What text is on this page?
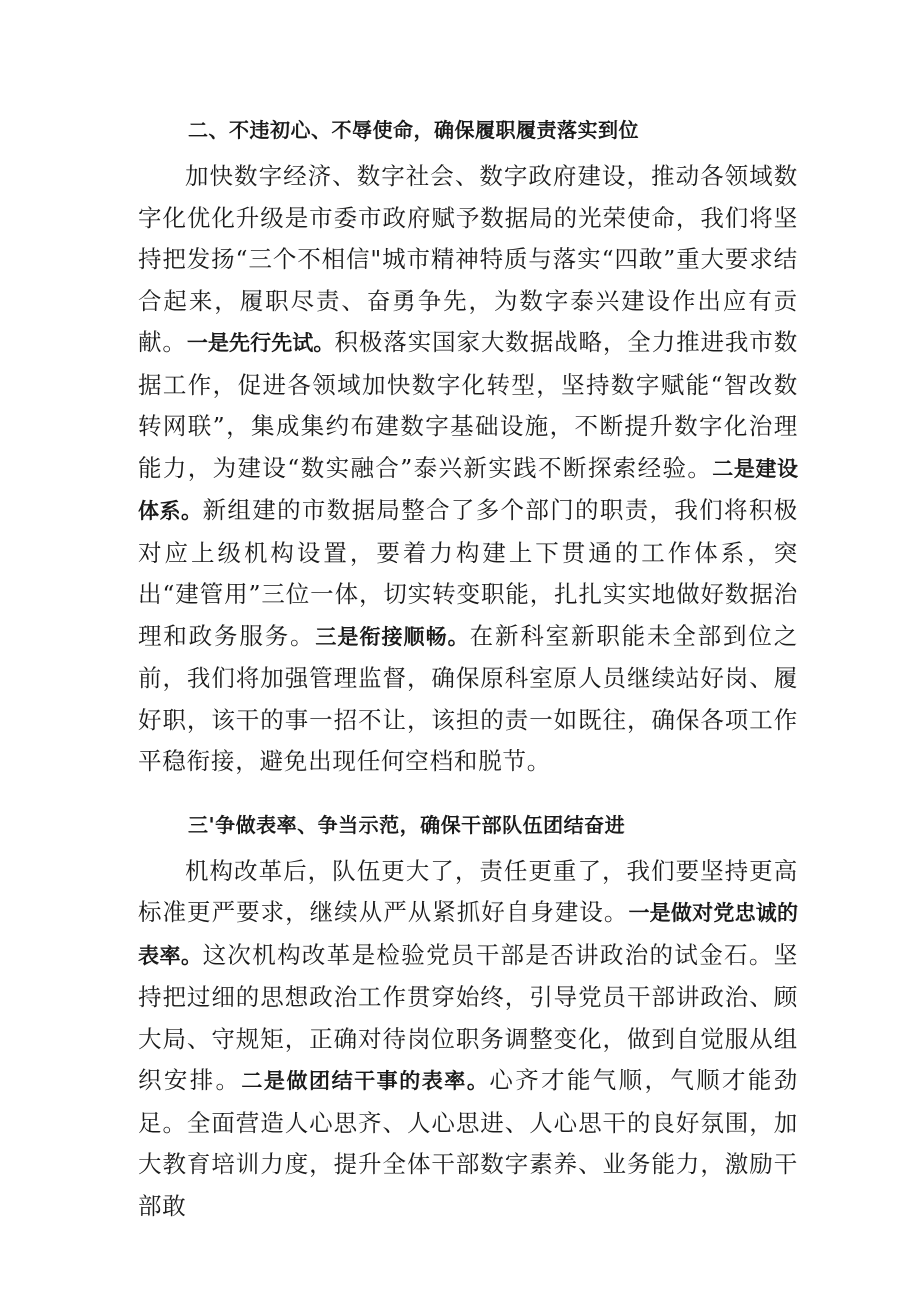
二、不违初心、不辱使命，确保履职履责落实到位

加快数字经济、数字社会、数字政府建设，推动各领域数字化优化升级是市委市政府赋予数据局的光荣使命，我们将坚持把发扬“三个不相信"城市精神特质与落实“四敢”重大要求结合起来，履职尽责、奋勇争先，为数字泰兴建设作出应有贡献。一是先行先试。积极落实国家大数据战略，全力推进我市数据工作，促进各领域加快数字化转型，坚持数字赋能“智改数转网联”，集成集约布建数字基础设施，不断提升数字化治理能力，为建设“数实融合”泰兴新实践不断探索经验。二是建设体系。新组建的市数据局整合了多个部门的职责，我们将积极对应上级机构设置，要着力构建上下贯通的工作体系，突出“建管用”三位一体，切实转变职能，扎扎实实地做好数据治理和政务服务。三是衔接顺畅。在新科室新职能未全部到位之前，我们将加强管理监督，确保原科室原人员继续站好岗、履好职，该干的事一招不让，该担的责一如既往，确保各项工作平稳衔接，避免出现任何空档和脱节。

三'争做表率、争当示范，确保干部队伍团结奋进

机构改革后，队伍更大了，责任更重了，我们要坚持更高标准更严要求，继续从严从紧抓好自身建设。一是做对党忠诚的表率。这次机构改革是检验党员干部是否讲政治的试金石。坚持把过细的思想政治工作贯穿始终，引导党员干部讲政治、顾大局、守规矩，正确对待岗位职务调整变化，做到自觉服从组织安排。二是做团结干事的表率。心齐才能气顺，气顺才能劲足。全面营造人心思齐、人心思进、人心思干的良好氛围，加大教育培训力度，提升全体干部数字素养、业务能力，激励干部敢
